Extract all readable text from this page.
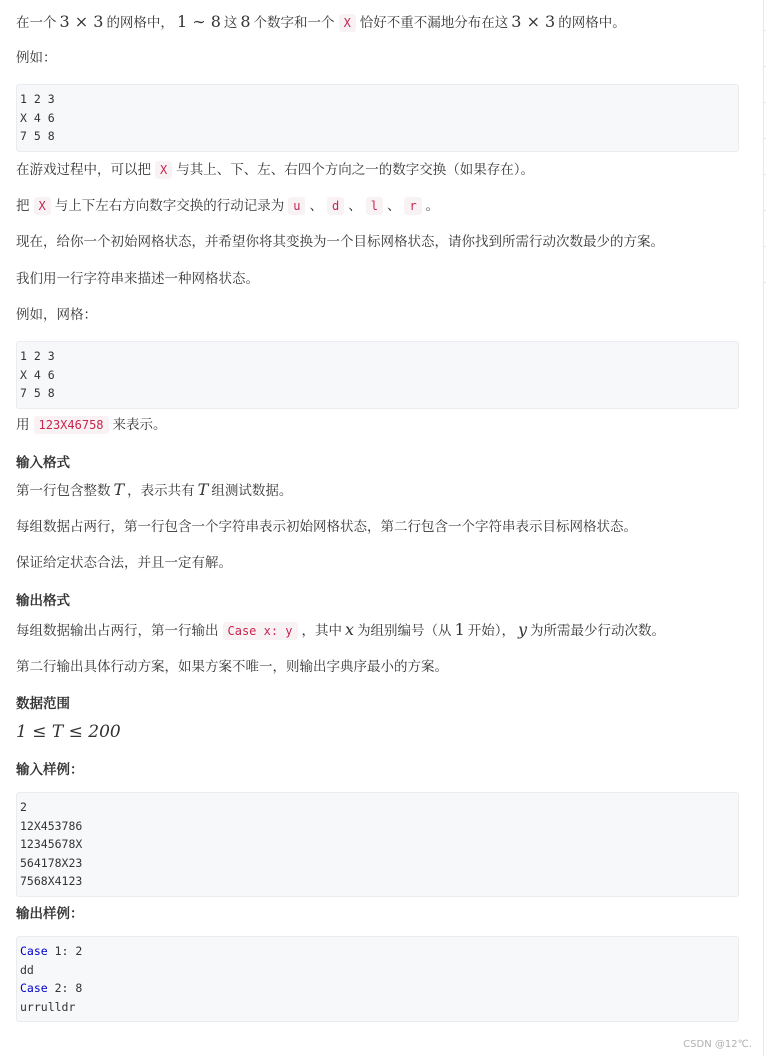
在一个 3 × 3 的网格中， 1 ∼ 8 这 8 个数字和一个 X 恰好不重不漏地分布在这 3 × 3 的网格中。
例如：
1 2 3
X 4 6
7 5 8
在游戏过程中，可以把 X 与其上、下、左、右四个方向之一的数字交换（如果存在）。
把 X 与上下左右方向数字交换的行动记录为 u 、 d 、 l 、 r 。
现在，给你一个初始网格状态，并希望你将其变换为一个目标网格状态，请你找到所需行动次数最少的方案。
我们用一行字符串来描述一种网格状态。
例如，网格：
1 2 3
X 4 6
7 5 8
用 123X46758 来表示。
输入格式
第一行包含整数 T ，表示共有 T 组测试数据。
每组数据占两行，第一行包含一个字符串表示初始网格状态，第二行包含一个字符串表示目标网格状态。
保证给定状态合法，并且一定有解。
输出格式
每组数据输出占两行，第一行输出 Case x: y ，其中 x 为组别编号（从 1 开始）， y 为所需最少行动次数。
第二行输出具体行动方案，如果方案不唯一，则输出字典序最小的方案。
数据范围
1 ≤ T ≤ 200
输入样例：
2
12X453786
12345678X
564178X23
7568X4123
输出样例：
Case 1: 2
dd
Case 2: 8
urrulldr
CSDN @12℃.
